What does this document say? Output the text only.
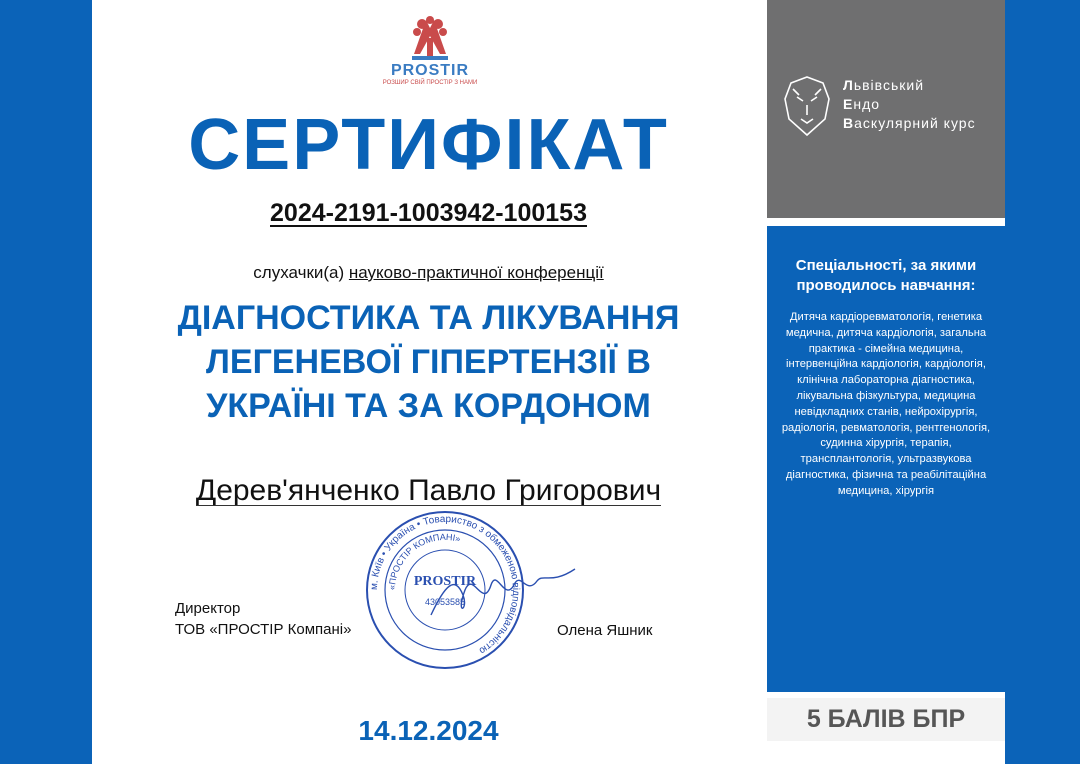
PROSTIR
РОЗШИР СВІЙ ПРОСТІР З НАМИ
СЕРТИФІКАТ
2024-2191-1003942-100153
слухачки(а) науково-практичної конференції
ДІАГНОСТИКА ТА ЛІКУВАННЯ
ЛЕГЕНЕВОЇ ГІПЕРТЕНЗІЇ В
УКРАЇНІ ТА ЗА КОРДОНОМ
Дерев'янченко Павло Григорович
м. Київ • Україна • Товариство з обмеженою відповідальністю
«ПРОСТІР КОМПАНІ»
PROSTIR
43053585
Директор
ТОВ «ПРОСТІР Компані»	Олена Яшник
14.12.2024
Львівський
Ендо
Васкулярний курс
Спеціальності, за якими проводилось навчання:
Дитяча кардіоревматологія, генетика медична, дитяча кардіологія, загальна практика - сімейна медицина, інтервенційна кардіологія, кардіологія, клінічна лабораторна діагностика, лікувальна фізкультура, медицина невідкладних станів, нейрохірургія, радіологія, ревматологія, рентгенологія, судинна хірургія, терапія, трансплантологія, ультразвукова діагностика, фізична та реабілітаційна медицина, хірургія
5 БАЛІВ БПР
